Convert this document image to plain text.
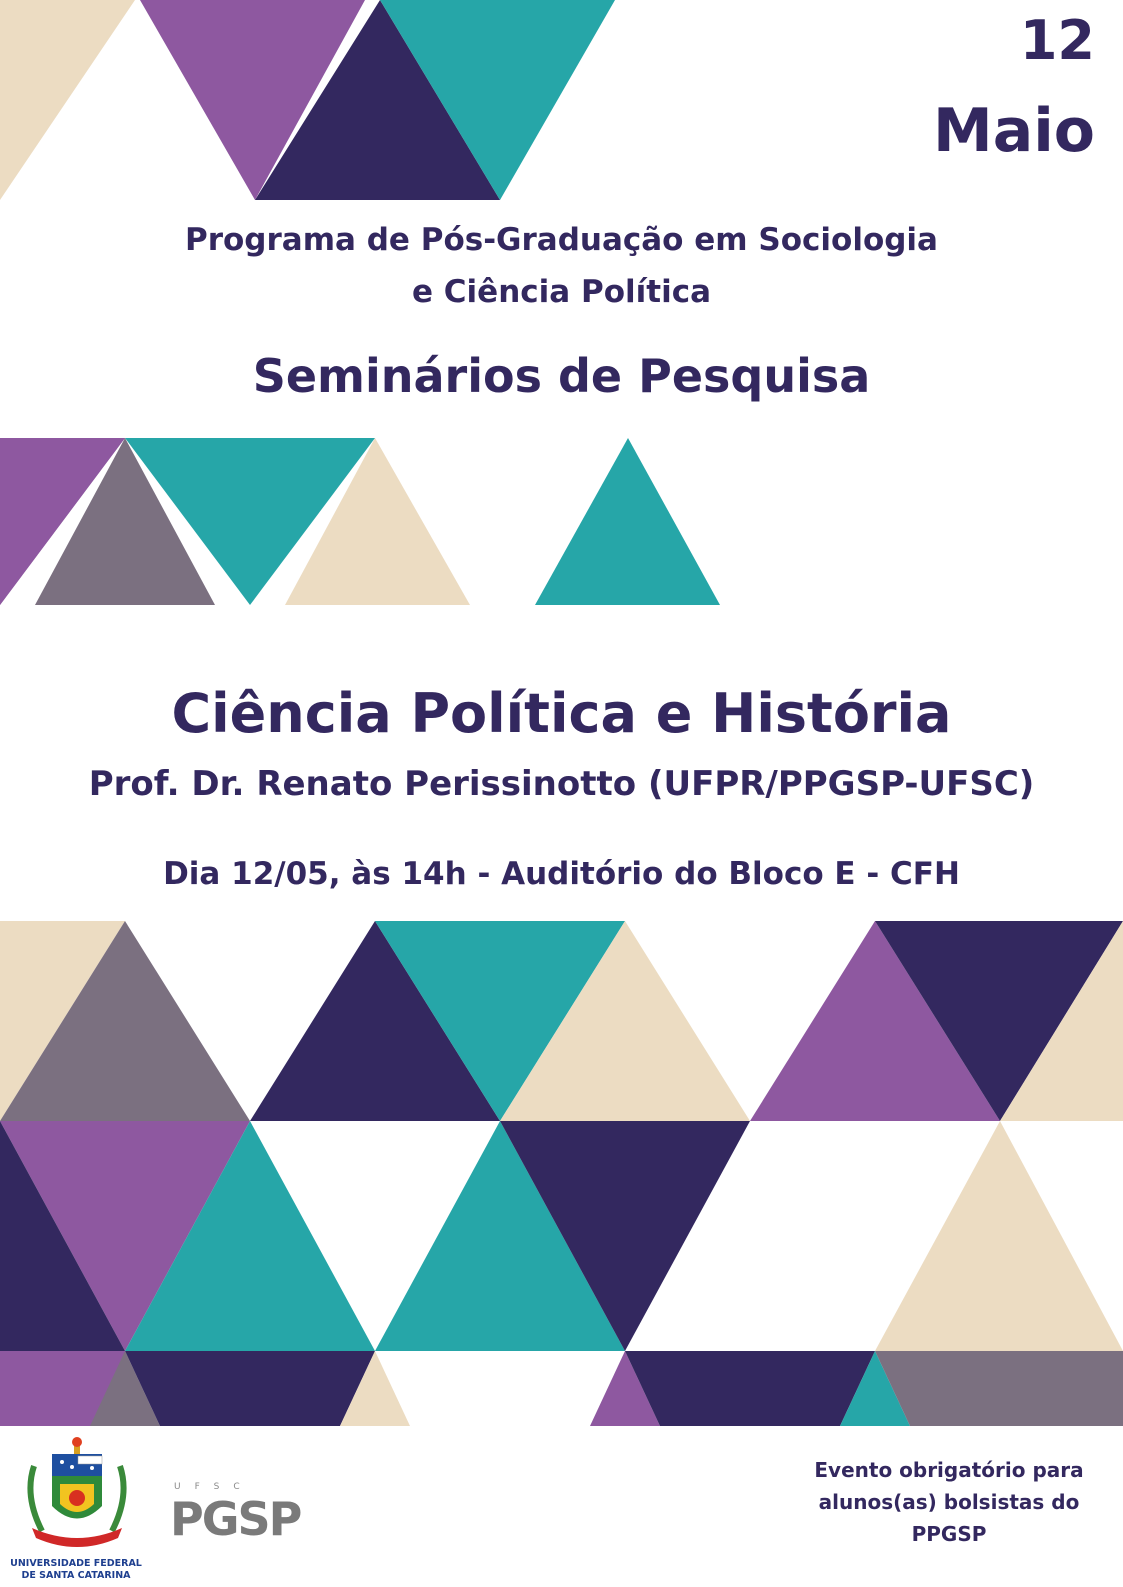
12
Maio
Programa de Pós-Graduação em Sociologia
e Ciência Política
Seminários de Pesquisa
Ciência Política e História
Prof. Dr. Renato Perissinotto (UFPR/PPGSP-UFSC)
Dia 12/05, às 14h - Auditório do Bloco E - CFH
UNIVERSIDADE FEDERAL
DE SANTA CATARINA
UFSC
PGSP
Evento obrigatório para alunos(as) bolsistas do PPGSP
